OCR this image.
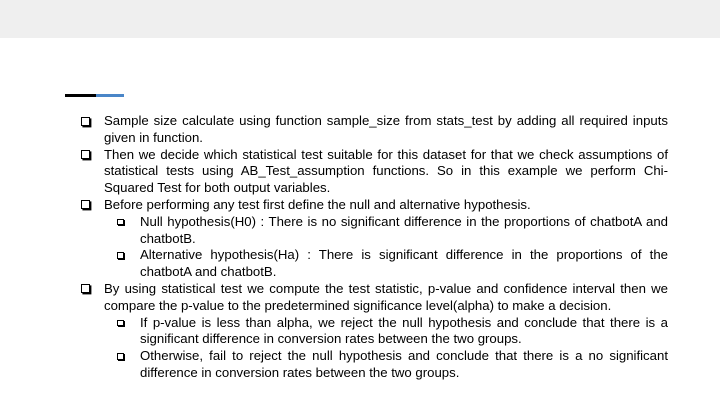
Sample size calculate using function sample_size from stats_test by adding all required inputs given in function.
Then we decide which statistical test suitable for this dataset for that we check assumptions of statistical tests using AB_Test_assumption functions. So in this example we perform Chi-Squared Test for both output variables.
Before performing any test first define the null and alternative hypothesis.
Null hypothesis(H0) : There is no significant difference in the proportions of chatbotA and chatbotB.
Alternative hypothesis(Ha) : There is significant difference in the proportions of the chatbotA and chatbotB.
By using statistical test we compute the test statistic, p-value and confidence interval then we compare the p-value to the predetermined significance level(alpha) to make a decision.
If p-value is less than alpha, we reject the null hypothesis and conclude that there is a significant difference in conversion rates between the two groups.
Otherwise, fail to reject the null hypothesis and conclude that there is a no significant difference in conversion rates between the two groups.
